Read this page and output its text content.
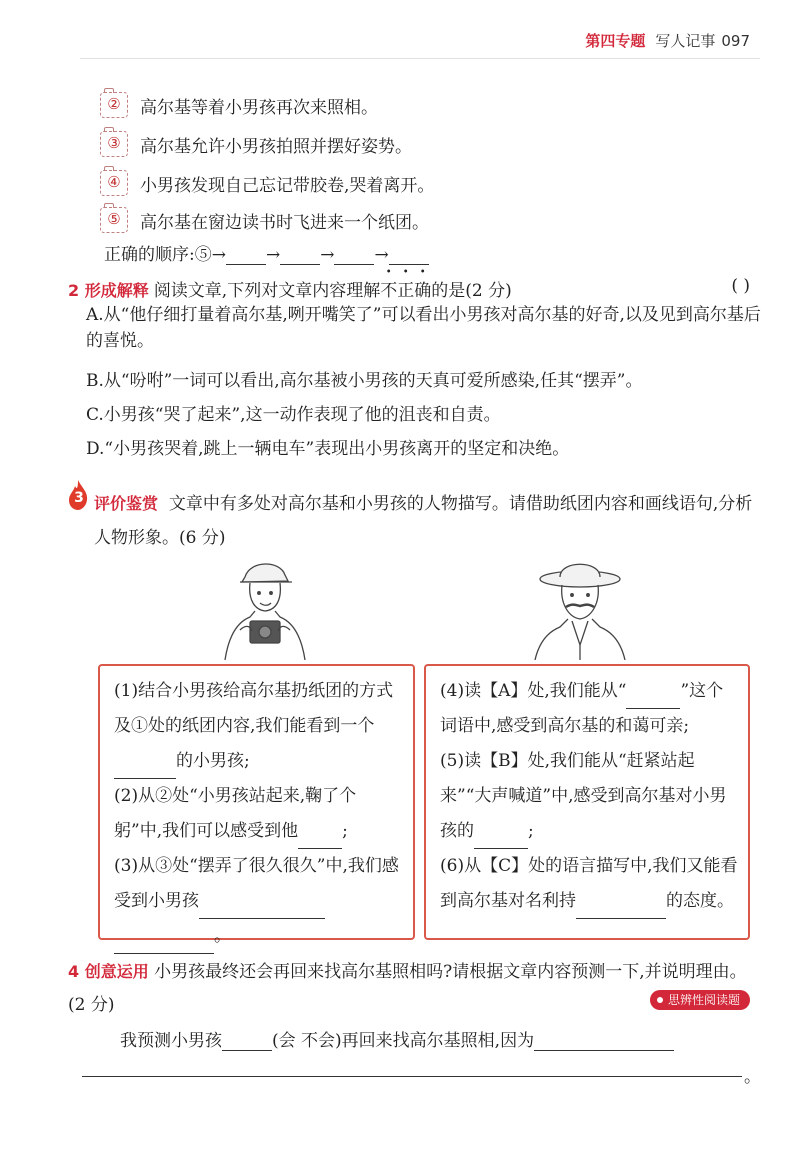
第四专题 写人记事 097
②	高尔基等着小男孩再次来照相。
③	高尔基允许小男孩拍照并摆好姿势。
④	小男孩发现自己忘记带胶卷,哭着离开。
⑤	高尔基在窗边读书时飞进来一个纸团。
正确的顺序:⑤→ → → →
2 形成解释 阅读文章,下列对文章内容理解不正确的是(2 分)	( )
A.从“他仔细打量着高尔基,咧开嘴笑了”可以看出小男孩对高尔基的好奇,以及见到高尔基后的喜悦。
B.从“吩咐”一词可以看出,高尔基被小男孩的天真可爱所感染,任其“摆弄”。
C.小男孩“哭了起来”,这一动作表现了他的沮丧和自责。
D.“小男孩哭着,跳上一辆电车”表现出小男孩离开的坚定和决绝。
3 评价鉴赏 文章中有多处对高尔基和小男孩的人物描写。请借助纸团内容和画线语句,分析人物形象。(6 分)

(1)结合小男孩给高尔基扔纸团的方式及①处的纸团内容,我们能看到一个的小男孩;

(2)从②处“小男孩站起来,鞠了个躬”中,我们可以感受到他	;

(3)从③处“摆弄了很久很久”中,我们感受到小男孩。

(4)读【A】处,我们能从“	”这个词语中,感受到高尔基的和蔼可亲;

(5)读【B】处,我们能从“赶紧站起来”“大声喊道”中,感受到高尔基对小男孩的	;

(6)从【C】处的语言描写中,我们又能看到高尔基对名利持	的态度。

4 创意运用 小男孩最终还会再回来找高尔基照相吗?请根据文章内容预测一下,并说明理由。(2 分)	思辨性阅读题
我预测小男孩	(会 不会)再回来找高尔基照相,因为
。
